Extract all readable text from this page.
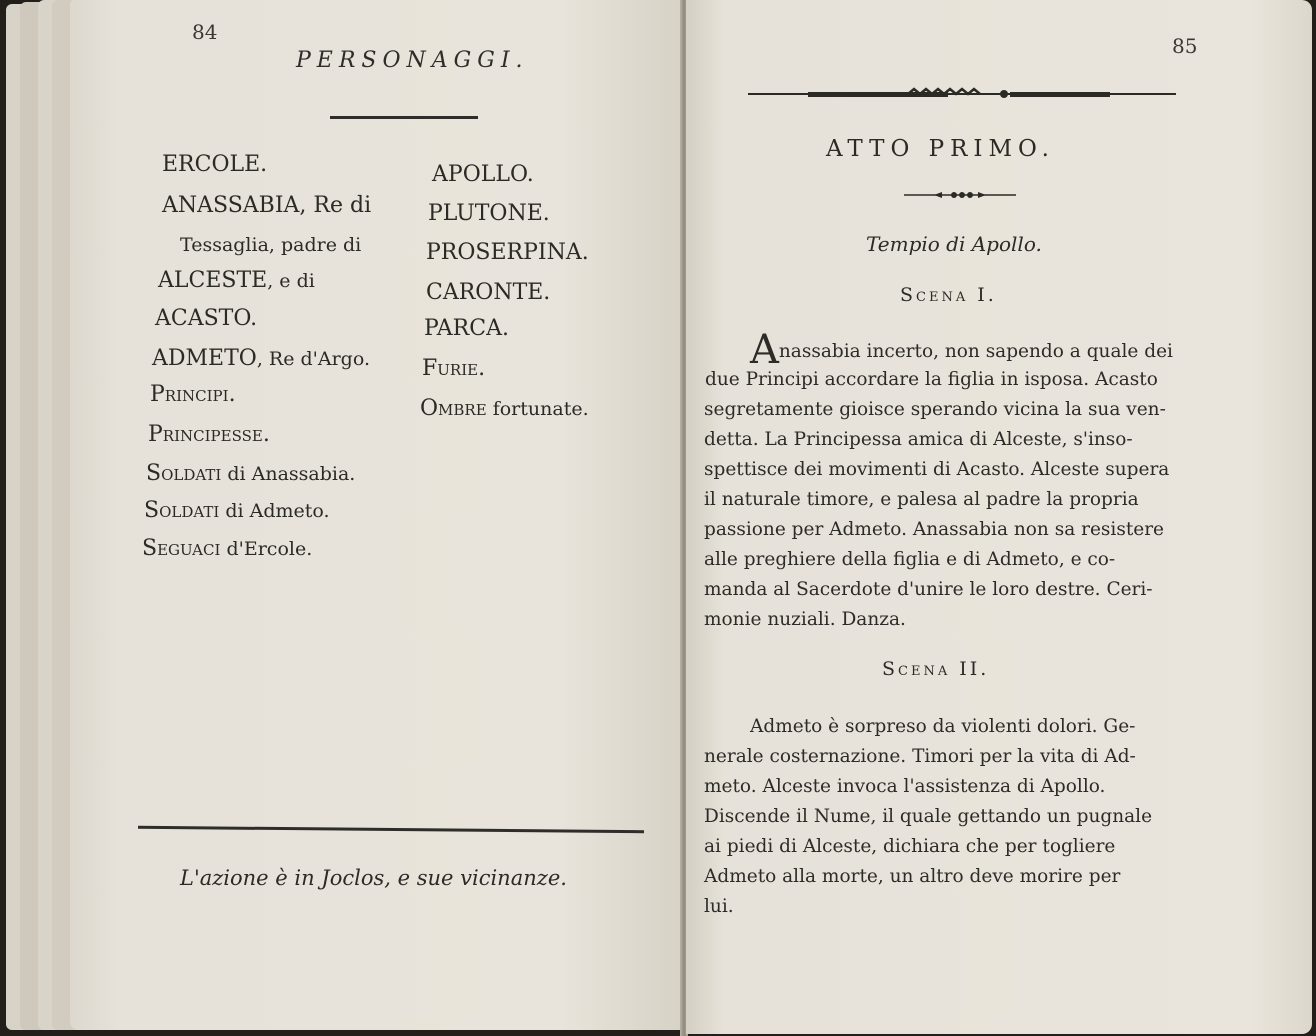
84
PERSONAGGI.
ERCOLE.
ANASSABIA, Re di
Tessaglia, padre di
ALCESTE, e di
ACASTO.
ADMETO, Re d'Argo.
Principi.
Principesse.
Soldati di Anassabia.
Soldati di Admeto.
Seguaci d'Ercole.
APOLLO.
PLUTONE.
PROSERPINA.
CARONTE.
PARCA.
Furie.
Ombre fortunate.
L'azione è in Joclos, e sue vicinanze.
85
ATTO PRIMO.
Tempio di Apollo.
Scena I.
Anassabia incerto, non sapendo a quale dei
due Principi accordare la figlia in isposa. Acasto
segretamente gioisce sperando vicina la sua ven-
detta. La Principessa amica di Alceste, s'inso-
spettisce dei movimenti di Acasto. Alceste supera
il naturale timore, e palesa al padre la propria
passione per Admeto. Anassabia non sa resistere
alle preghiere della figlia e di Admeto, e co-
manda al Sacerdote d'unire le loro destre. Ceri-
monie nuziali. Danza.
Scena II.
Admeto è sorpreso da violenti dolori. Ge-
nerale costernazione. Timori per la vita di Ad-
meto. Alceste invoca l'assistenza di Apollo.
Discende il Nume, il quale gettando un pugnale
ai piedi di Alceste, dichiara che per togliere
Admeto alla morte, un altro deve morire per
lui.
